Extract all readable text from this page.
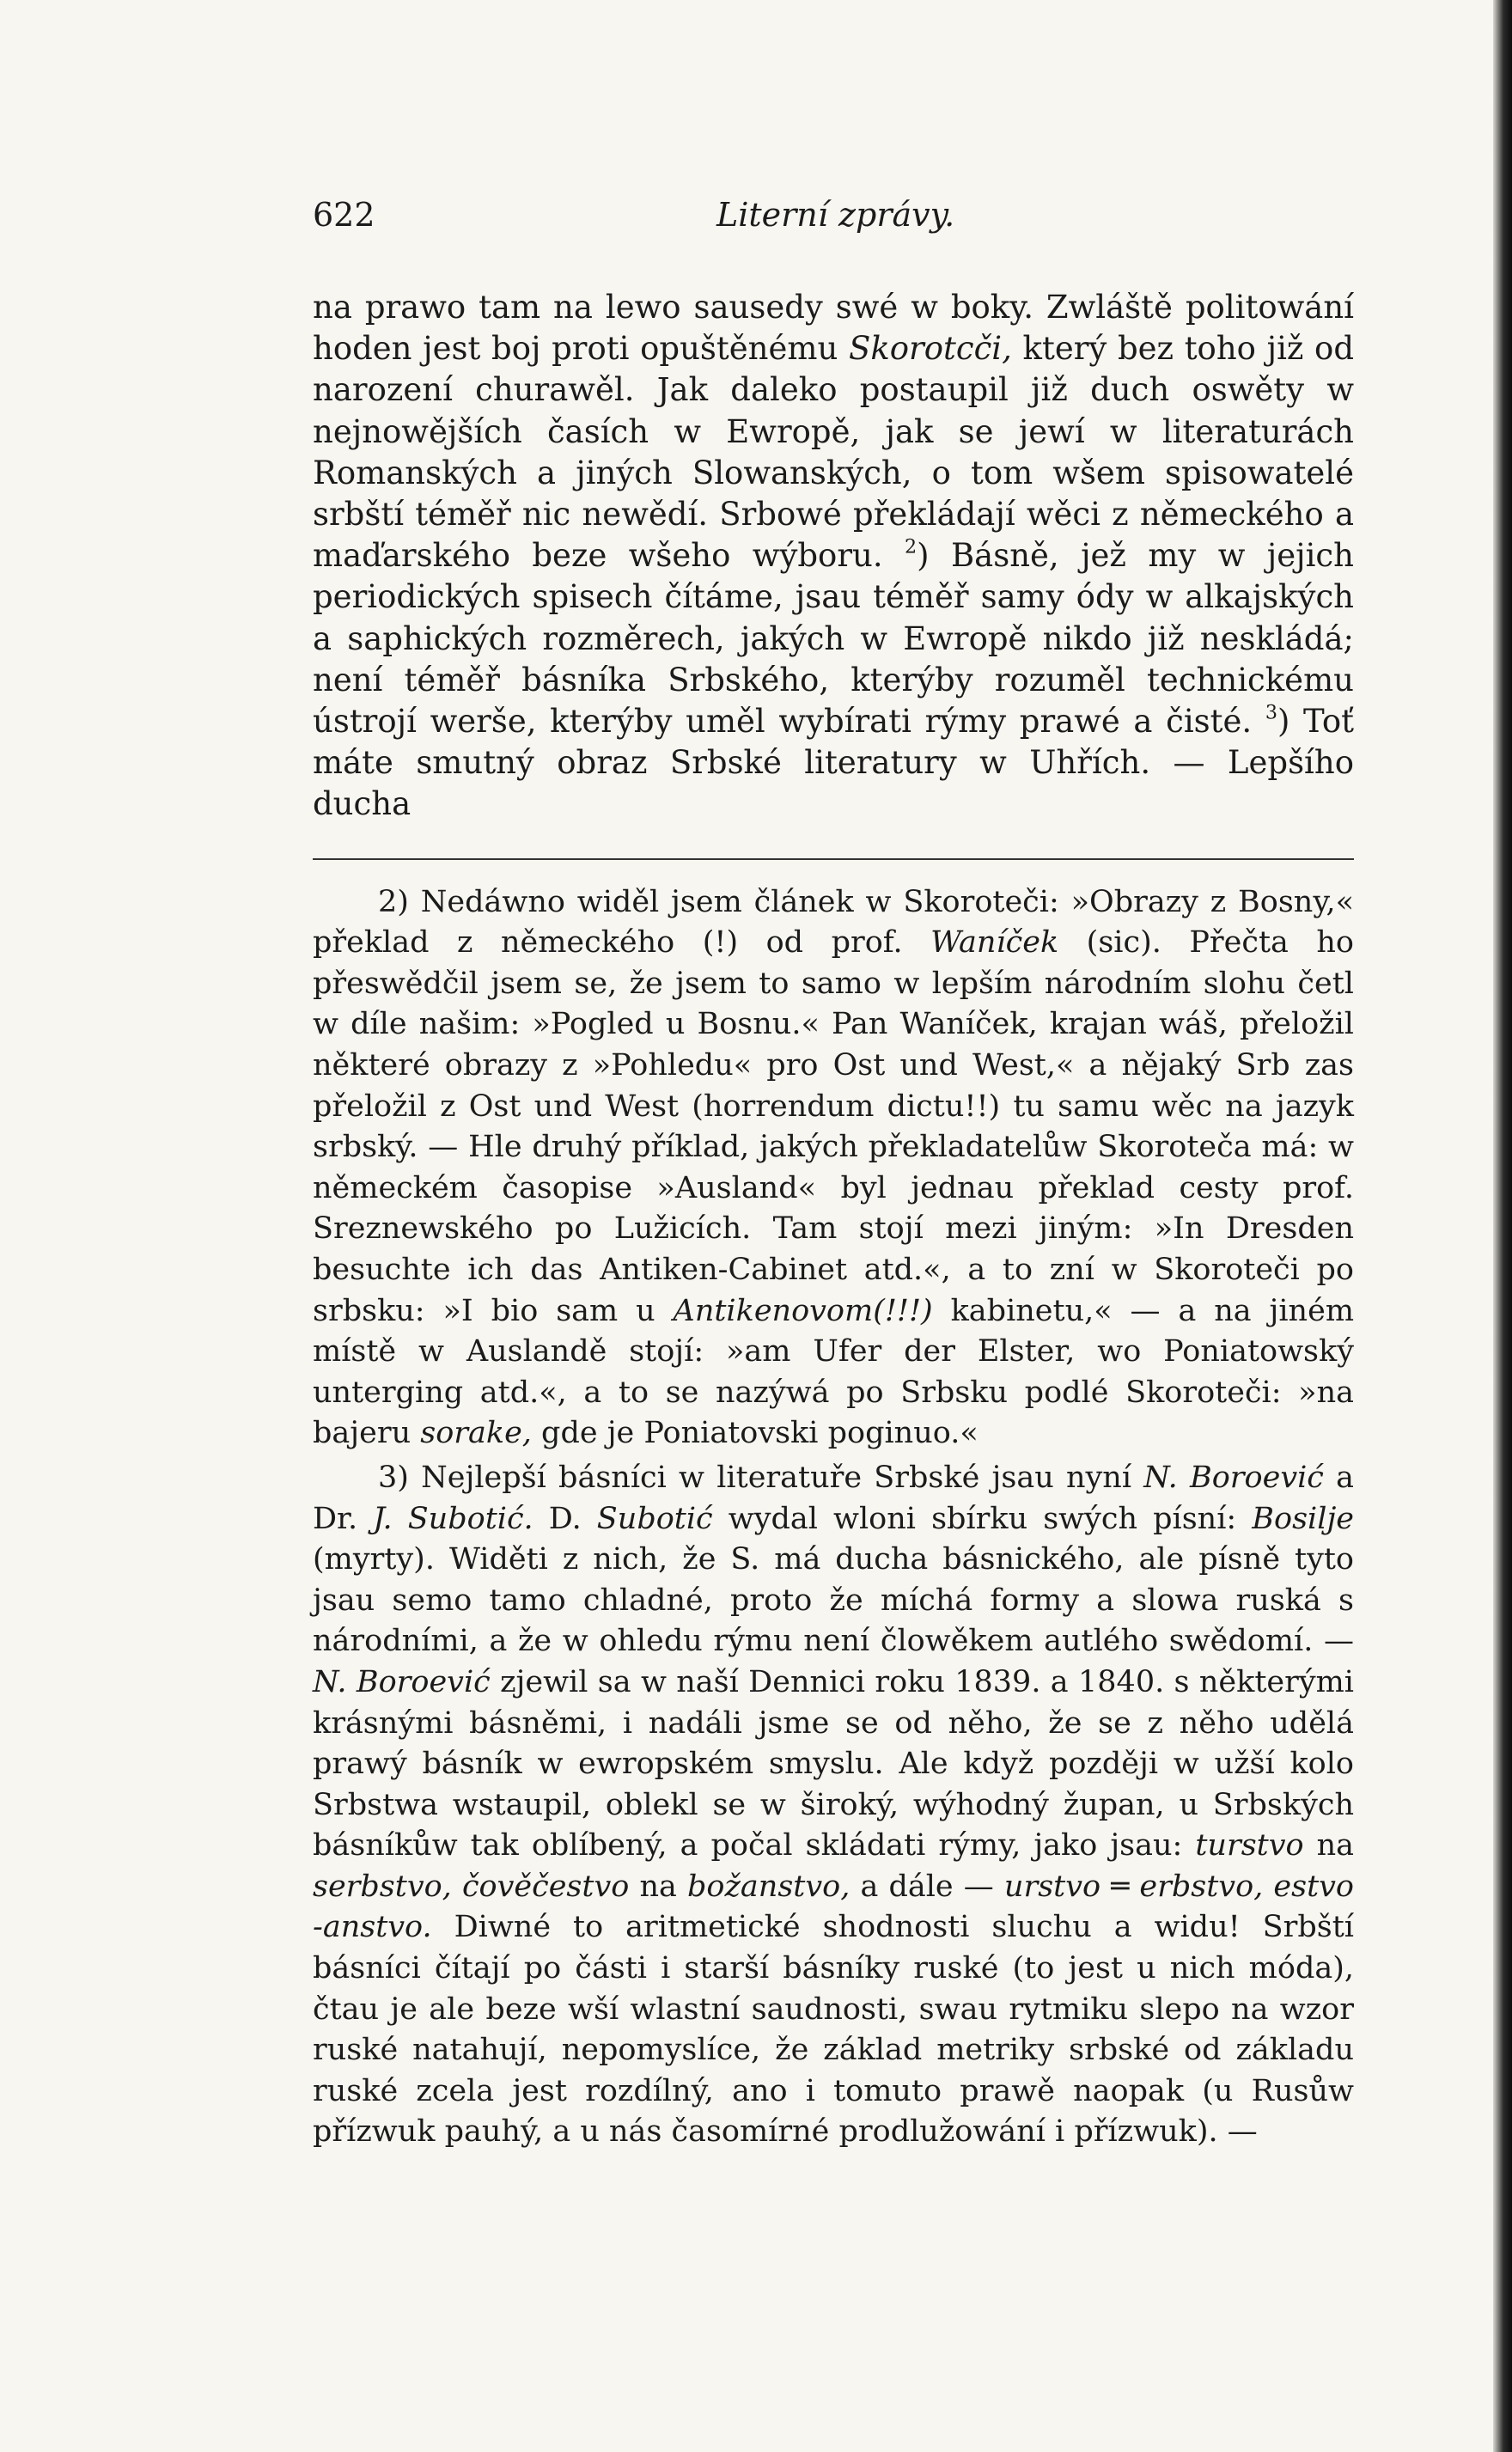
622	Literní zprávy.
na prawo tam na lewo sausedy swé w boky. Zwláště politowání hoden jest boj proti opuštěnému Skorotcči, který bez toho již od narození churawěl. Jak daleko postaupil již duch oswěty w nejnowějších časích w Ewropě, jak se jewí w literaturách Romanských a jiných Slowanských, o tom wšem spisowatelé srbští téměř nic newědí. Srbowé překládají wěci z německého a maďarského beze wšeho wýboru. $^2$) Básně, jež my w jejich periodických spisech čítáme, jsau téměř samy ódy w alkajských a saphických rozměrech, jakých w Ewropě nikdo již neskládá; není téměř básníka Srbského, kterýby rozuměl technickému ústrojí werše, kterýby uměl wybírati rýmy prawé a čisté. $^3$) Toť máte smutný obraz Srbské literatury w Uhřích. — Lepšího ducha

2) Nedáwno widěl jsem článek w Skoroteči: »Obrazy z Bosny,« překlad z německého (!) od prof. Waníček (sic). Přečta ho přeswědčil jsem se, že jsem to samo w lepším národním slohu četl w díle našim: »Pogled u Bosnu.« Pan Waníček, krajan wáš, přeložil některé obrazy z »Pohledu« pro Ost und West,« a nějaký Srb zas přeložil z Ost und West (horrendum dictu!!) tu samu wěc na jazyk srbský. — Hle druhý příklad, jakých překladatelůw Skoroteča má: w německém časopise »Ausland« byl jednau překlad cesty prof. Sreznewského po Lužicích. Tam stojí mezi jiným: »In Dresden besuchte ich das Antiken-Cabinet atd.«, a to zní w Skoroteči po srbsku: »I bio sam u Antikenovom(!!!) kabinetu,« — a na jiném místě w Auslandě stojí: »am Ufer der Elster, wo Poniatowský unterging atd.«, a to se nazýwá po Srbsku podlé Skoroteči: »na bajeru sorake, gde je Poniatovski poginuo.«

3) Nejlepší básníci w literatuře Srbské jsau nyní N. Boroević a Dr. J. Subotić. D. Subotić wydal wloni sbírku swých písní: Bosilje (myrty). Widěti z nich, že S. má ducha básnického, ale písně tyto jsau semo tamo chladné, proto že míchá formy a slowa ruská s národními, a že w ohledu rýmu není člowěkem autlého swědomí. — N. Boroević zjewil sa w naší Dennici roku 1839. a 1840. s některými krásnými básněmi, i nadáli jsme se od něho, že se z něho udělá prawý básník w ewropském smyslu. Ale když později w užší kolo Srbstwa wstaupil, oblekl se w široký, wýhodný župan, u Srbských básníkůw tak oblíbený, a počal skládati rýmy, jako jsau: turstvo na serbstvo, čověčestvo na božanstvo, a dále — urstvo ═ erbstvo, estvo -anstvo. Diwné to aritmetické shodnosti sluchu a widu! Srbští básníci čítají po části i starší básníky ruské (to jest u nich móda), čtau je ale beze wší wlastní saudnosti, swau rytmiku slepo na wzor ruské natahují, nepomyslíce, že základ metriky srbské od základu ruské zcela jest rozdílný, ano i tomuto prawě naopak (u Rusůw přízwuk pauhý, a u nás časomírné prodlužowání i přízwuk). —
